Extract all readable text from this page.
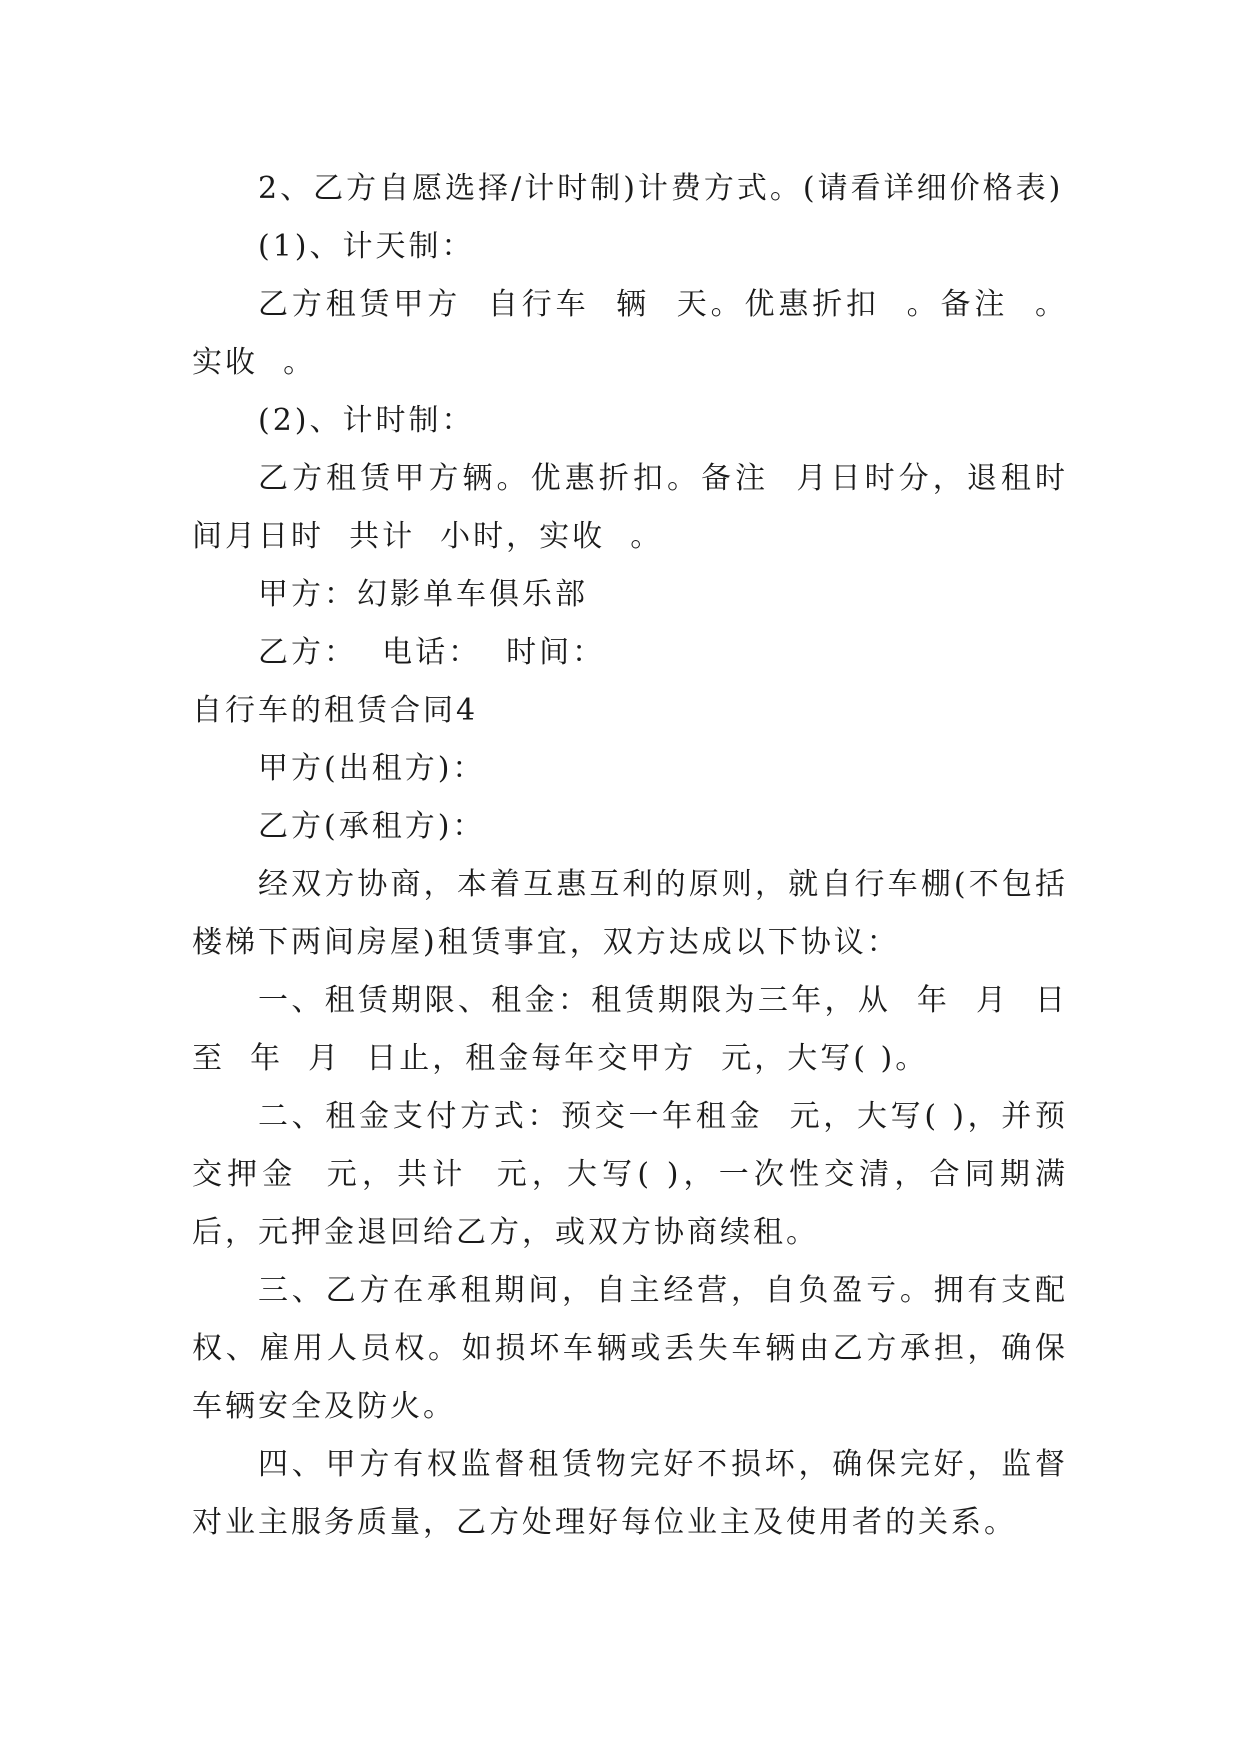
2、乙方自愿选择/计时制)计费方式。(请看详细价格表)

(1)、计天制：

乙方租赁甲方  自行车  辆  天。优惠折扣  。备注  。实收  。

(2)、计时制：

乙方租赁甲方辆。优惠折扣。备注  月日时分，退租时间月日时  共计  小时，实收  。

甲方：幻影单车俱乐部

乙方：  电话：  时间：

自行车的租赁合同4

甲方(出租方)：

乙方(承租方)：

经双方协商，本着互惠互利的原则，就自行车棚(不包括楼梯下两间房屋)租赁事宜，双方达成以下协议：

一、租赁期限、租金：租赁期限为三年，从  年  月  日至  年  月  日止，租金每年交甲方  元，大写( )。

二、租金支付方式：预交一年租金  元，大写( )，并预交押金  元，共计  元，大写( )，一次性交清，合同期满后，元押金退回给乙方，或双方协商续租。

三、乙方在承租期间，自主经营，自负盈亏。拥有支配权、雇用人员权。如损坏车辆或丢失车辆由乙方承担，确保车辆安全及防火。

四、甲方有权监督租赁物完好不损坏，确保完好，监督对业主服务质量，乙方处理好每位业主及使用者的关系。
